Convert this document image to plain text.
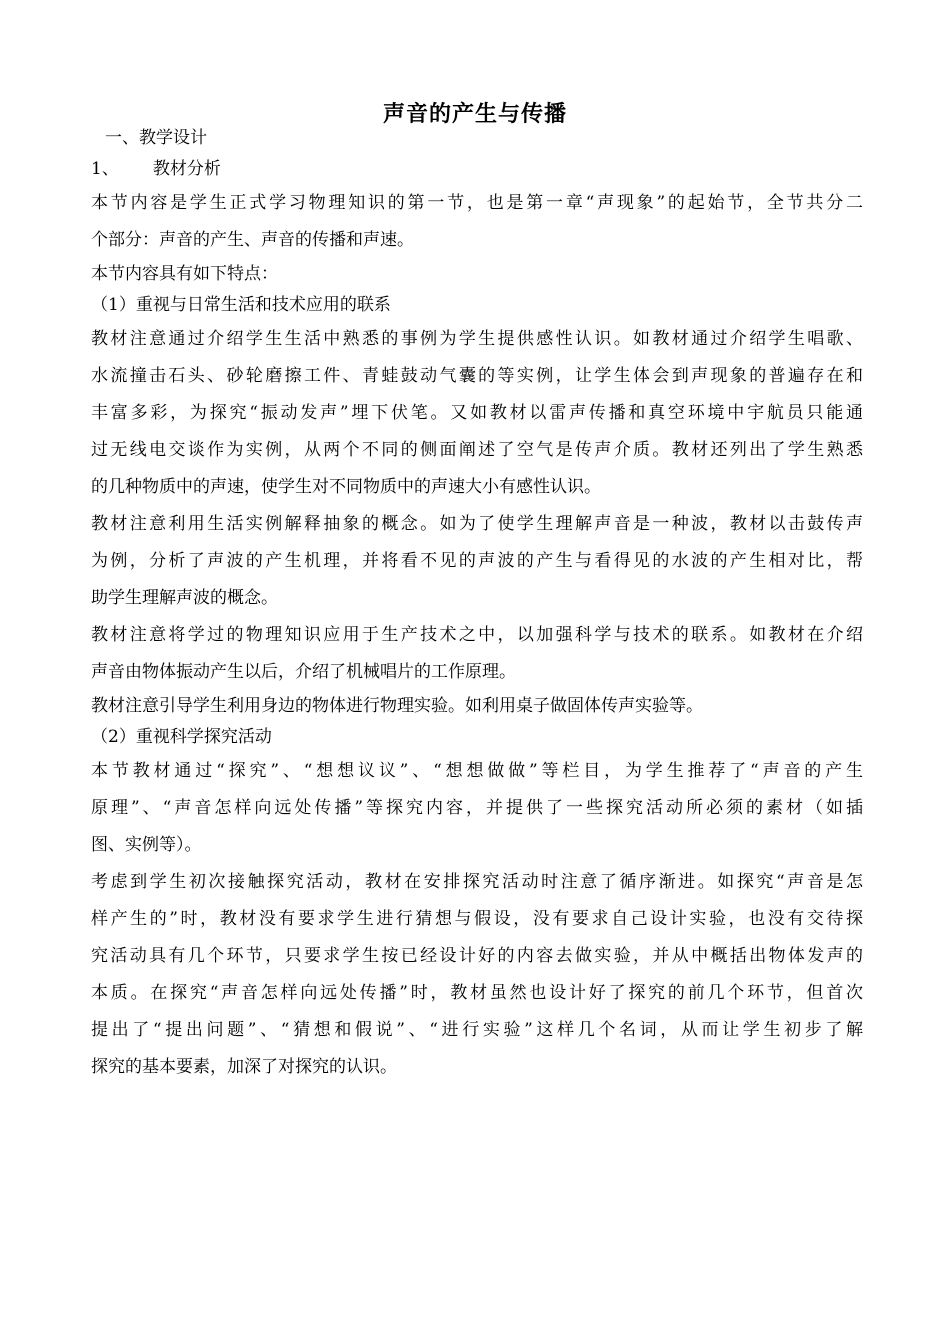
声音的产生与传播

一、教学设计

1、 教材分析

本节内容是学生正式学习物理知识的第一节，也是第一章“声现象”的起始节，全节共分二

个部分：声音的产生、声音的传播和声速。

本节内容具有如下特点：

（1）重视与日常生活和技术应用的联系

教材注意通过介绍学生生活中熟悉的事例为学生提供感性认识。如教材通过介绍学生唱歌、

水流撞击石头、砂轮磨擦工件、青蛙鼓动气囊的等实例，让学生体会到声现象的普遍存在和

丰富多彩，为探究“振动发声”埋下伏笔。又如教材以雷声传播和真空环境中宇航员只能通

过无线电交谈作为实例，从两个不同的侧面阐述了空气是传声介质。教材还列出了学生熟悉

的几种物质中的声速，使学生对不同物质中的声速大小有感性认识。

教材注意利用生活实例解释抽象的概念。如为了使学生理解声音是一种波，教材以击鼓传声

为例，分析了声波的产生机理，并将看不见的声波的产生与看得见的水波的产生相对比，帮

助学生理解声波的概念。

教材注意将学过的物理知识应用于生产技术之中，以加强科学与技术的联系。如教材在介绍

声音由物体振动产生以后，介绍了机械唱片的工作原理。

教材注意引导学生利用身边的物体进行物理实验。如利用桌子做固体传声实验等。

（2）重视科学探究活动

本节教材通过“探究”、“想想议议”、“想想做做”等栏目，为学生推荐了“声音的产生

原理”、“声音怎样向远处传播”等探究内容，并提供了一些探究活动所必须的素材（如插

图、实例等）。

考虑到学生初次接触探究活动，教材在安排探究活动时注意了循序渐进。如探究“声音是怎

样产生的”时，教材没有要求学生进行猜想与假设，没有要求自己设计实验，也没有交待探

究活动具有几个环节，只要求学生按已经设计好的内容去做实验，并从中概括出物体发声的

本质。在探究“声音怎样向远处传播”时，教材虽然也设计好了探究的前几个环节，但首次

提出了“提出问题”、“猜想和假说”、“进行实验”这样几个名词，从而让学生初步了解

探究的基本要素，加深了对探究的认识。
